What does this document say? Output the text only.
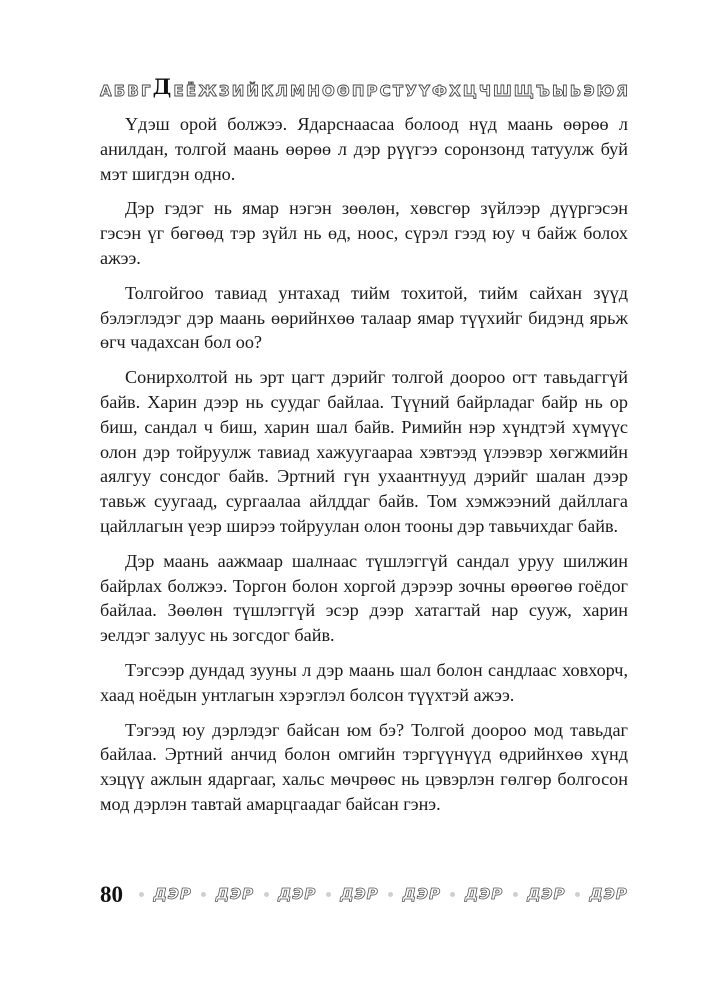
А Б В Г Д Е Ё Ж З И Й К Л М Н О Ө П Р С Т У Ү Ф Х Ц Ч Ш Щ Ъ Ы Ь Э Ю Я

Үдэш орой болжээ. Ядарснаасаа болоод нүд маань өөрөө л анилдан, толгой маань өөрөө л дэр рүүгээ соронзонд татуулж буй мэт шигдэн одно.

Дэр гэдэг нь ямар нэгэн зөөлөн, хөвсгөр зүйлээр дүүргэсэн гэсэн үг бөгөөд тэр зүйл нь өд, ноос, сүрэл гээд юу ч байж болох ажээ.

Толгойгоо тавиад унтахад тийм тохитой, тийм сайхан зүүд бэлэглэдэг дэр маань өөрийнхөө талаар ямар түүхийг бидэнд ярьж өгч чадахсан бол оо?

Сонирхолтой нь эрт цагт дэрийг толгой доороо огт тавьдаггүй байв. Харин дээр нь суудаг байлаа. Түүний байрладаг байр нь ор биш, сандал ч биш, харин шал байв. Римийн нэр хүндтэй хүмүүс олон дэр тойруулж тавиад хажуугаараа хэвтээд үлээвэр хөгжмийн аялгуу сонсдог байв. Эртний гүн ухаантнууд дэрийг шалан дээр тавьж суугаад, сургаалаа айлддаг байв. Том хэмжээний дайллага цайллагын үеэр ширээ тойруулан олон тооны дэр тавьчихдаг байв.

Дэр маань аажмаар шалнаас түшлэггүй сандал уруу шилжин байрлах болжээ. Торгон болон хоргой дэрээр зочны өрөөгөө гоёдог байлаа. Зөөлөн түшлэггүй эсэр дээр хатагтай нар сууж, харин эелдэг залуус нь зогсдог байв.

Тэгсээр дундад зууны л дэр маань шал болон сандлаас ховхорч, хаад ноёдын унтлагын хэрэглэл болсон түүхтэй ажээ.

Тэгээд юу дэрлэдэг байсан юм бэ? Толгой доороо мод тавьдаг байлаа. Эртний анчид болон омгийн тэргүүнүүд өдрийнхөө хүнд хэцүү ажлын ядаргааг, хальс мөчрөөс нь цэвэрлэн гөлгөр болгосон мод дэрлэн тавтай амарцгаадаг байсан гэнэ.

80 ДЭР ДЭР ДЭР ДЭР ДЭР ДЭР ДЭР ДЭР
